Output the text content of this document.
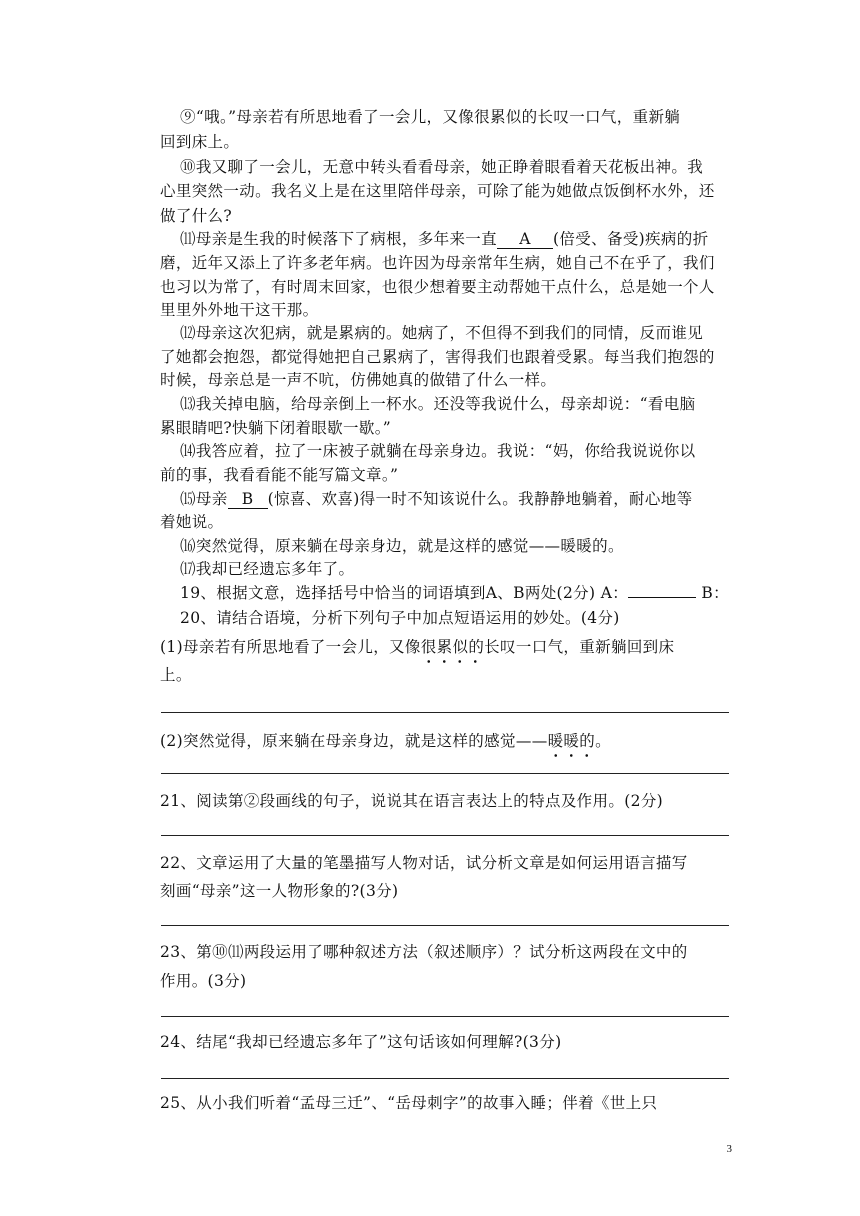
⑨“哦。”母亲若有所思地看了一会儿，又像很累似的长叹一口气，重新躺
回到床上。
⑩我又聊了一会儿，无意中转头看看母亲，她正睁着眼看着天花板出神。我
心里突然一动。我名义上是在这里陪伴母亲，可除了能为她做点饭倒杯水外，还
做了什么?
⑾母亲是生我的时候落下了病根，多年来一直 A (倍受、备受)疾病的折
磨，近年又添上了许多老年病。也许因为母亲常年生病，她自己不在乎了，我们
也习以为常了，有时周末回家，也很少想着要主动帮她干点什么，总是她一个人
里里外外地干这干那。
⑿母亲这次犯病，就是累病的。她病了，不但得不到我们的同情，反而谁见
了她都会抱怨，都觉得她把自己累病了，害得我们也跟着受累。每当我们抱怨的
时候，母亲总是一声不吭，仿佛她真的做错了什么一样。
⒀我关掉电脑，给母亲倒上一杯水。还没等我说什么，母亲却说：“看电脑
累眼睛吧?快躺下闭着眼歇一歇。”
⒁我答应着，拉了一床被子就躺在母亲身边。我说：“妈，你给我说说你以
前的事，我看看能不能写篇文章。”
⒂母亲 B (惊喜、欢喜)得一时不知该说什么。我静静地躺着，耐心地等
着她说。
⒃突然觉得，原来躺在母亲身边，就是这样的感觉——暖暖的。
⒄我却已经遗忘多年了。
19、根据文意，选择括号中恰当的词语填到A、B两处(2分) A：	B：
20、请结合语境，分析下列句子中加点短语运用的妙处。(4分)
(1)母亲若有所思地看了一会儿，又像很累似的长叹一口气，重新躺回到床
上。
(2)突然觉得，原来躺在母亲身边，就是这样的感觉——暖暖的。
21、阅读第②段画线的句子，说说其在语言表达上的特点及作用。(2分)
22、文章运用了大量的笔墨描写人物对话，试分析文章是如何运用语言描写
刻画“母亲”这一人物形象的?(3分)
23、第⑩⑾两段运用了哪种叙述方法（叙述顺序）？试分析这两段在文中的
作用。(3分)
24、结尾“我却已经遗忘多年了”这句话该如何理解?(3分)
25、从小我们听着“孟母三迁”、“岳母刺字”的故事入睡；伴着《世上只
3
